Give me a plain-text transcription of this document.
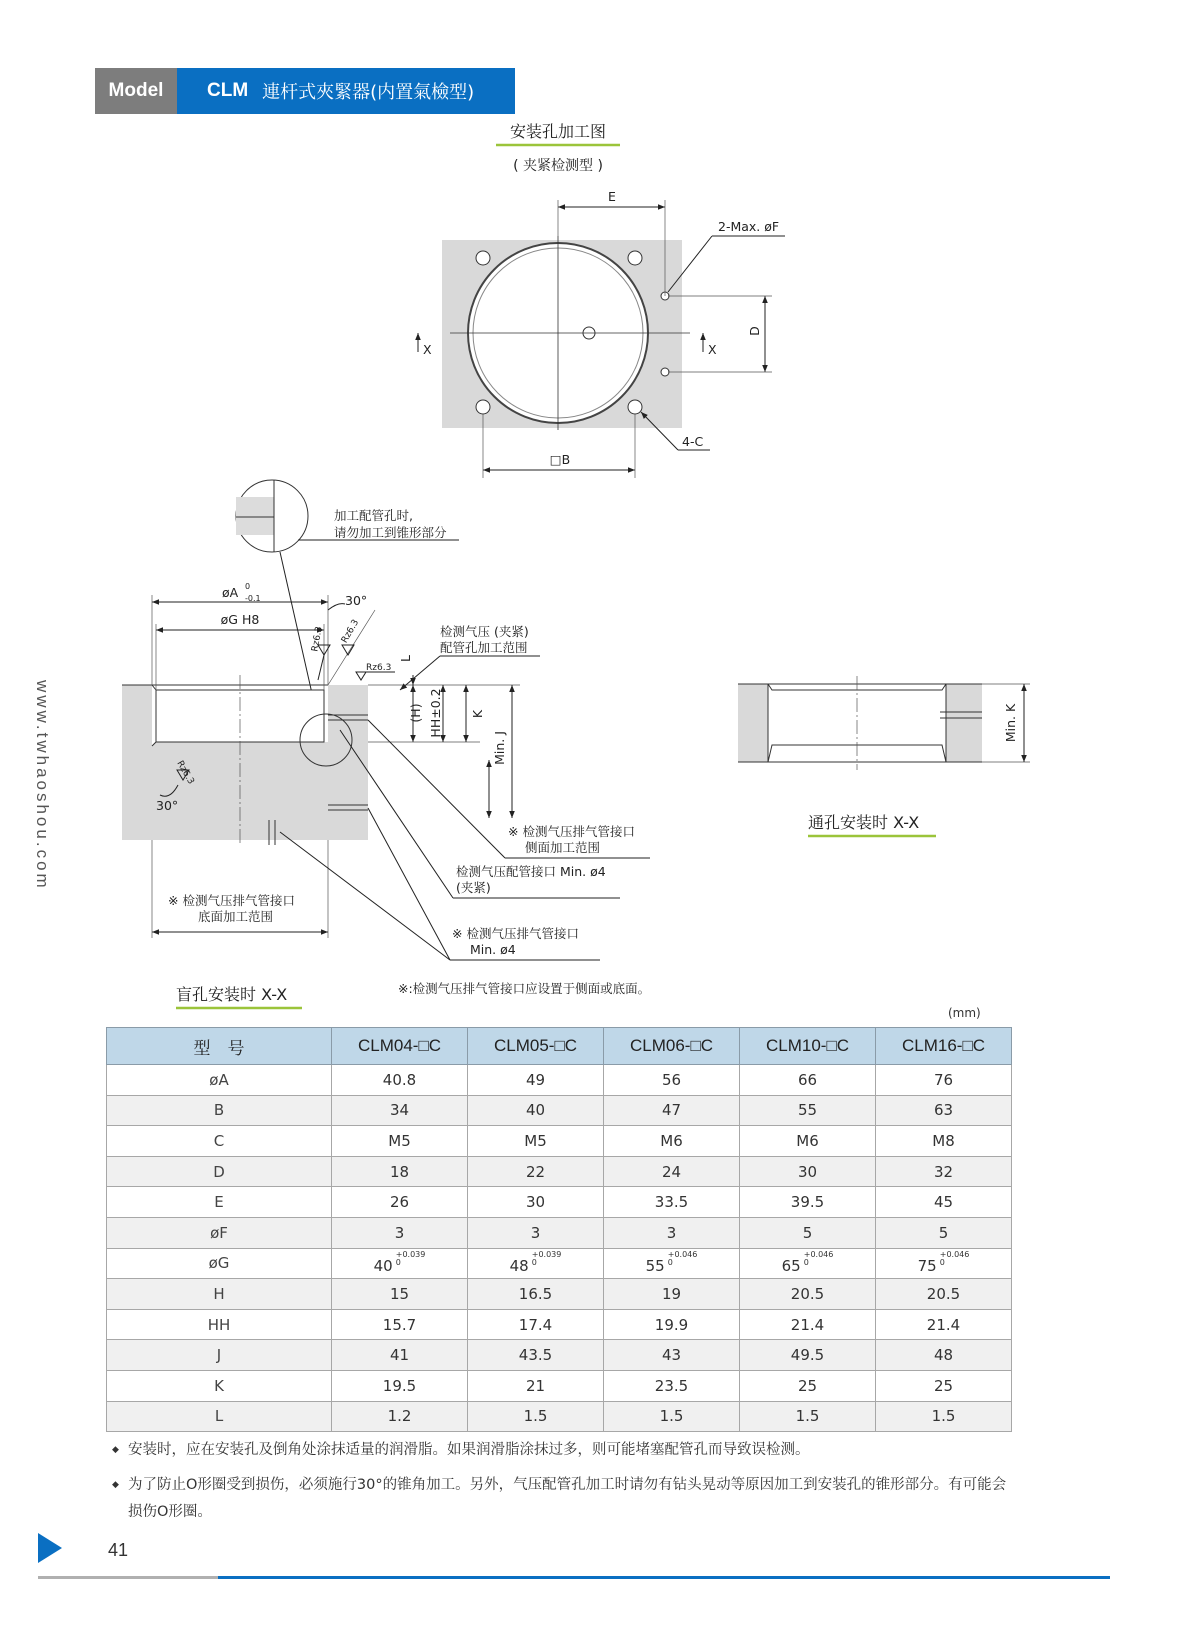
Model	CLM 連杆式夾緊器(内置氣檢型)
www.twhaoshou.com
安装孔加工图
( 夹紧检测型 )
E
2-Max. øF
D
X	X
□B
4-C
加工配管孔时,
请勿加工到锥形部分
øA 0
-0.1
øG H8
30°
Rz6.3 Rz6.3
Rz6.3
Rz6.3
30°
检测气压 (夹紧)
配管孔加工范围
L
(H) HH±0.2 K
Min. J
※ 检测气压排气管接口
侧面加工范围
检测气压配管接口 Min. ø4
(夹紧)
※ 检测气压排气管接口
底面加工范围
※ 检测气压排气管接口
Min. ø4
盲孔安装时 X-X	※:检测气压排气管接口应设置于侧面或底面。
Min. K
通孔安装时 X-X
(mm)
型　号	CLM04-□C	CLM05-□C	CLM06-□C	CLM10-□C	CLM16-□C
øA	40.8	49	56	66	76
B	34	40	47	55	63
C	M5	M5	M6	M6	M8
D	18	22	24	30	32
E	26	30	33.5	39.5	45
øF	3	3	3	5	5
øG	$40^{+0.039 0}$	$48^{+0.039 0}$	$55^{+0.046 0}$	$65^{+0.046 0}$	$75^{+0.046 0}$
H	15	16.5	19	20.5	20.5
HH	15.7	17.4	19.9	21.4	21.4
J	41	43.5	43	49.5	48
K	19.5	21	23.5	25	25
L	1.2	1.5	1.5	1.5	1.5
◆ 安装时，应在安装孔及倒角处涂抹适量的润滑脂。如果润滑脂涂抹过多，则可能堵塞配管孔而导致误检测。
◆ 为了防止O形圈受到损伤，必须施行30°的锥角加工。另外，气压配管孔加工时请勿有钻头晃动等原因加工到安装孔的锥形部分。有可能会损伤O形圈。
41
